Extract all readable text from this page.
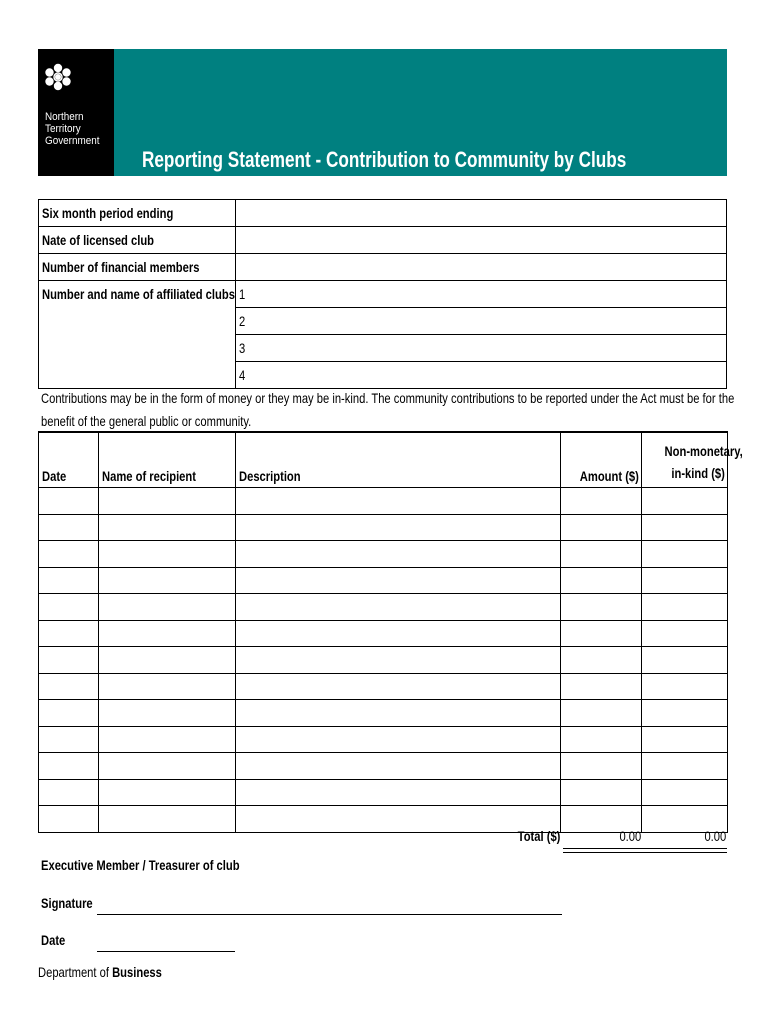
Northern
Territory
Government
Reporting Statement - Contribution to Community by Clubs
Six month period ending	
Nate of licensed club	
Number of financial members	
Number and name of affiliated clubs	1
	2
	3
	4
Contributions may be in the form of money or they may be in-kind. The community contributions to be reported under the Act must be for the
benefit of the general public or community.
Date	Name of recipient	Description	Amount ($)	Non-monetary,
in-kind ($)

Total ($)	0.00	0.00
Executive Member / Treasurer of club
Signature
Date
Department of Business
